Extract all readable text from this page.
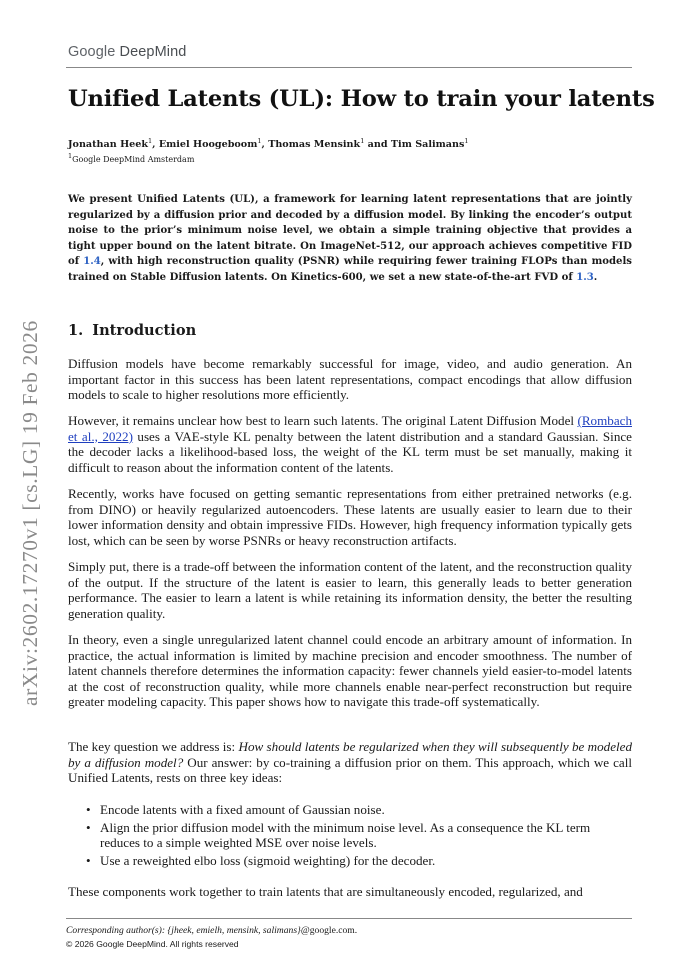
Google DeepMind
arXiv:2602.17270v1 [cs.LG] 19 Feb 2026
Unified Latents (UL): How to train your latents
Jonathan Heek$^1$, Emiel Hoogeboom$^1$, Thomas Mensink$^1$ and Tim Salimans$^1$
$^1$Google DeepMind Amsterdam
We present Unified Latents (UL), a framework for learning latent representations that are jointly regularized by a diffusion prior and decoded by a diffusion model. By linking the encoder’s output noise to the prior’s minimum noise level, we obtain a simple training objective that provides a tight upper bound on the latent bitrate. On ImageNet-512, our approach achieves competitive FID of 1.4, with high reconstruction quality (PSNR) while requiring fewer training FLOPs than models trained on Stable Diffusion latents. On Kinetics-600, we set a new state-of-the-art FVD of 1.3.
1. Introduction
Diffusion models have become remarkably successful for image, video, and audio generation. An important factor in this success has been latent representations, compact encodings that allow diffusion models to scale to higher resolutions more efficiently.
However, it remains unclear how best to learn such latents. The original Latent Diffusion Model (Rombach et al., 2022) uses a VAE-style KL penalty between the latent distribution and a standard Gaussian. Since the decoder lacks a likelihood-based loss, the weight of the KL term must be set manually, making it difficult to reason about the information content of the latents.
Recently, works have focused on getting semantic representations from either pretrained networks (e.g. from DINO) or heavily regularized autoencoders. These latents are usually easier to learn due to their lower information density and obtain impressive FIDs. However, high frequency information typically gets lost, which can be seen by worse PSNRs or heavy reconstruction artifacts.
Simply put, there is a trade-off between the information content of the latent, and the reconstruction quality of the output. If the structure of the latent is easier to learn, this generally leads to better generation performance. The easier to learn a latent is while retaining its information density, the better the resulting generation quality.
In theory, even a single unregularized latent channel could encode an arbitrary amount of information. In practice, the actual information is limited by machine precision and encoder smoothness. The number of latent channels therefore determines the information capacity: fewer channels yield easier-to-model latents at the cost of reconstruction quality, while more channels enable near-perfect reconstruction but require greater modeling capacity. This paper shows how to navigate this trade-off systematically.
The key question we address is: How should latents be regularized when they will subsequently be modeled by a diffusion model? Our answer: by co-training a diffusion prior on them. This approach, which we call Unified Latents, rests on three key ideas:
• Encode latents with a fixed amount of Gaussian noise.
• Align the prior diffusion model with the minimum noise level. As a consequence the KL term reduces to a simple weighted MSE over noise levels.
• Use a reweighted elbo loss (sigmoid weighting) for the decoder.
These components work together to train latents that are simultaneously encoded, regularized, and
Corresponding author(s): {jheek, emielh, mensink, salimans}@google.com.
© 2026 Google DeepMind. All rights reserved
